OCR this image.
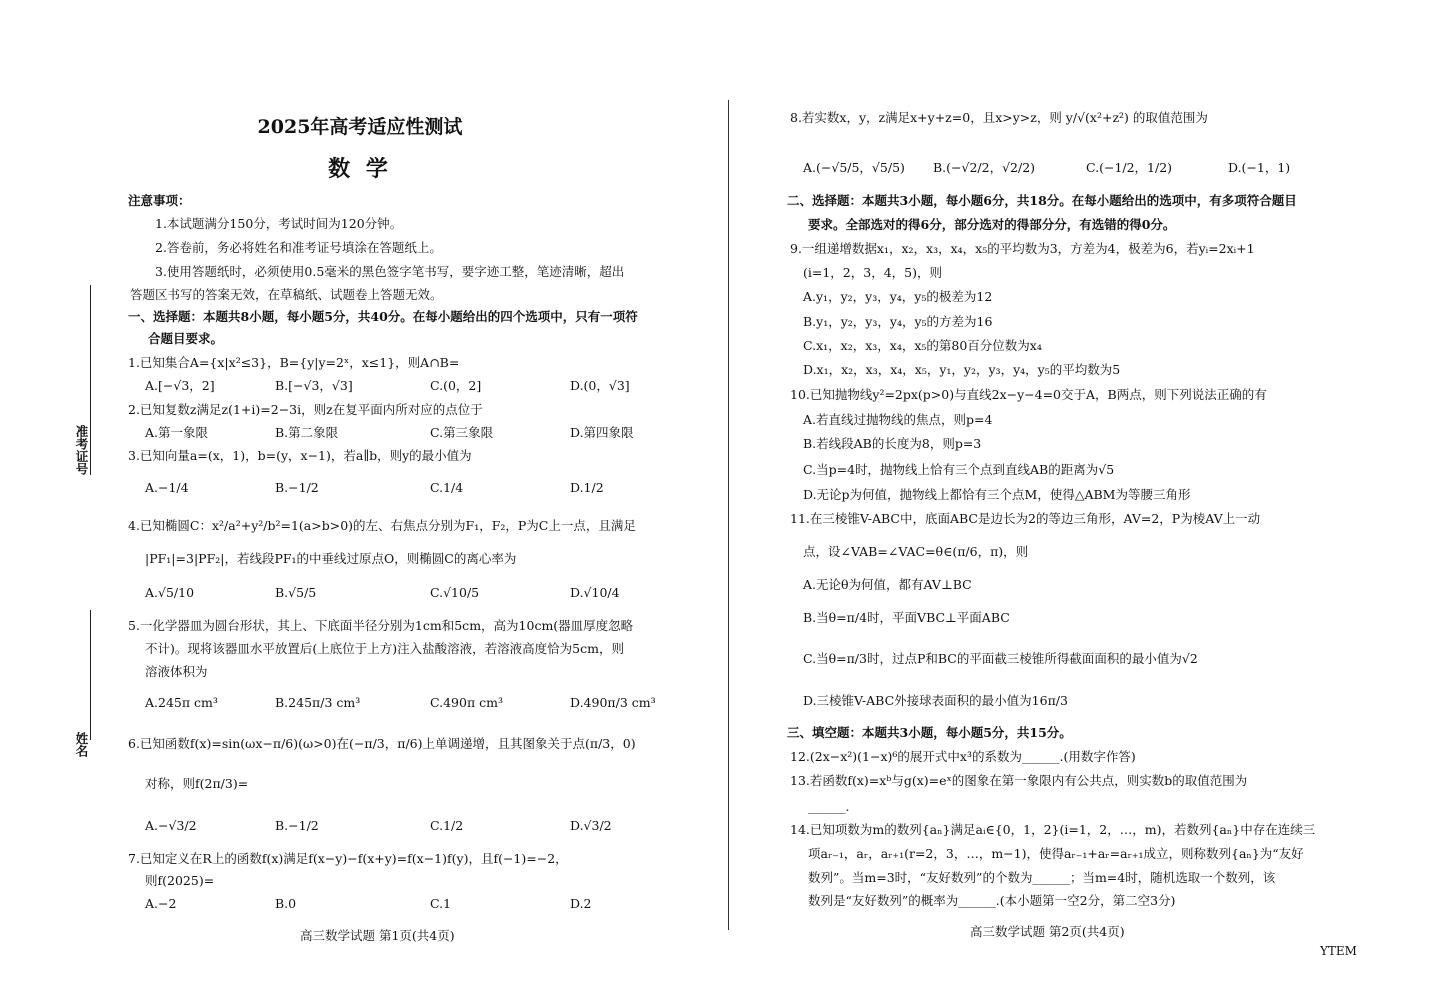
准考证号
姓名
2025年高考适应性测试
数 学
注意事项：
1.本试题满分150分，考试时间为120分钟。
2.答卷前，务必将姓名和准考证号填涂在答题纸上。
3.使用答题纸时，必须使用0.5毫米的黑色签字笔书写，要字迹工整，笔迹清晰，超出
答题区书写的答案无效，在草稿纸、试题卷上答题无效。
一、选择题：本题共8小题，每小题5分，共40分。在每小题给出的四个选项中，只有一项符
合题目要求。
1.已知集合A={x|x²≤3}，B={y|y=2ˣ，x≤1}，则A∩B=
A.[−√3，2]	B.[−√3，√3]	C.(0，2]	D.(0，√3]
2.已知复数z满足z(1+i)=2−3i，则z在复平面内所对应的点位于
A.第一象限	B.第二象限	C.第三象限	D.第四象限
3.已知向量a=(x，1)，b=(y，x−1)，若a∥b，则y的最小值为
A.−1/4	B.−1/2	C.1/4	D.1/2
4.已知椭圆C：x²/a²+y²/b²=1(a>b>0)的左、右焦点分别为F₁，F₂，P为C上一点，且满足
|PF₁|=3|PF₂|，若线段PF₁的中垂线过原点O，则椭圆C的离心率为
A.√5/10	B.√5/5	C.√10/5	D.√10/4
5.一化学器皿为圆台形状，其上、下底面半径分别为1cm和5cm，高为10cm(器皿厚度忽略
不计)。现将该器皿水平放置后(上底位于上方)注入盐酸溶液，若溶液高度恰为5cm，则
溶液体积为
A.245π cm³	B.245π/3 cm³	C.490π cm³	D.490π/3 cm³
6.已知函数f(x)=sin(ωx−π/6)(ω>0)在(−π/3，π/6)上单调递增，且其图象关于点(π/3，0)
对称，则f(2π/3)=
A.−√3/2	B.−1/2	C.1/2	D.√3/2
7.已知定义在R上的函数f(x)满足f(x−y)−f(x+y)=f(x−1)f(y)，且f(−1)=−2，
则f(2025)=
A.−2	B.0	C.1	D.2
高三数学试题 第1页(共4页)
8.若实数x，y，z满足x+y+z=0，且x>y>z，则 y/√(x²+z²) 的取值范围为
A.(−√5/5，√5/5) B.(−√2/2，√2/2)	C.(−1/2，1/2)	D.(−1，1)
二、选择题：本题共3小题，每小题6分，共18分。在每小题给出的选项中，有多项符合题目
要求。全部选对的得6分，部分选对的得部分分，有选错的得0分。
9.一组递增数据x₁，x₂，x₃，x₄，x₅的平均数为3，方差为4，极差为6，若yᵢ=2xᵢ+1
(i=1，2，3，4，5)，则
A.y₁，y₂，y₃，y₄，y₅的极差为12
B.y₁，y₂，y₃，y₄，y₅的方差为16
C.x₁，x₂，x₃，x₄，x₅的第80百分位数为x₄
D.x₁，x₂，x₃，x₄，x₅，y₁，y₂，y₃，y₄，y₅的平均数为5
10.已知抛物线y²=2px(p>0)与直线2x−y−4=0交于A，B两点，则下列说法正确的有
A.若直线过抛物线的焦点，则p=4
B.若线段AB的长度为8，则p=3
C.当p=4时，抛物线上恰有三个点到直线AB的距离为√5
D.无论p为何值，抛物线上都恰有三个点M，使得△ABM为等腰三角形
11.在三棱锥V-ABC中，底面ABC是边长为2的等边三角形，AV=2，P为棱AV上一动
点，设∠VAB=∠VAC=θ∈(π/6，π)，则
A.无论θ为何值，都有AV⊥BC
B.当θ=π/4时，平面VBC⊥平面ABC
C.当θ=π/3时，过点P和BC的平面截三棱锥所得截面面积的最小值为√2
D.三棱锥V-ABC外接球表面积的最小值为16π/3
三、填空题：本题共3小题，每小题5分，共15分。
12.(2x−x²)(1−x)⁶的展开式中x³的系数为______.(用数字作答)
13.若函数f(x)=xᵇ与g(x)=eˣ的图象在第一象限内有公共点，则实数b的取值范围为
______.
14.已知项数为m的数列{aₙ}满足aᵢ∈{0，1，2}(i=1，2，…，m)，若数列{aₙ}中存在连续三
项aᵣ₋₁，aᵣ，aᵣ₊₁(r=2，3，…，m−1)，使得aᵣ₋₁+aᵣ=aᵣ₊₁成立，则称数列{aₙ}为“友好
数列”。当m=3时，“友好数列”的个数为______；当m=4时，随机选取一个数列，该
数列是“友好数列”的概率为______.(本小题第一空2分，第二空3分)
高三数学试题 第2页(共4页)
YTEM
